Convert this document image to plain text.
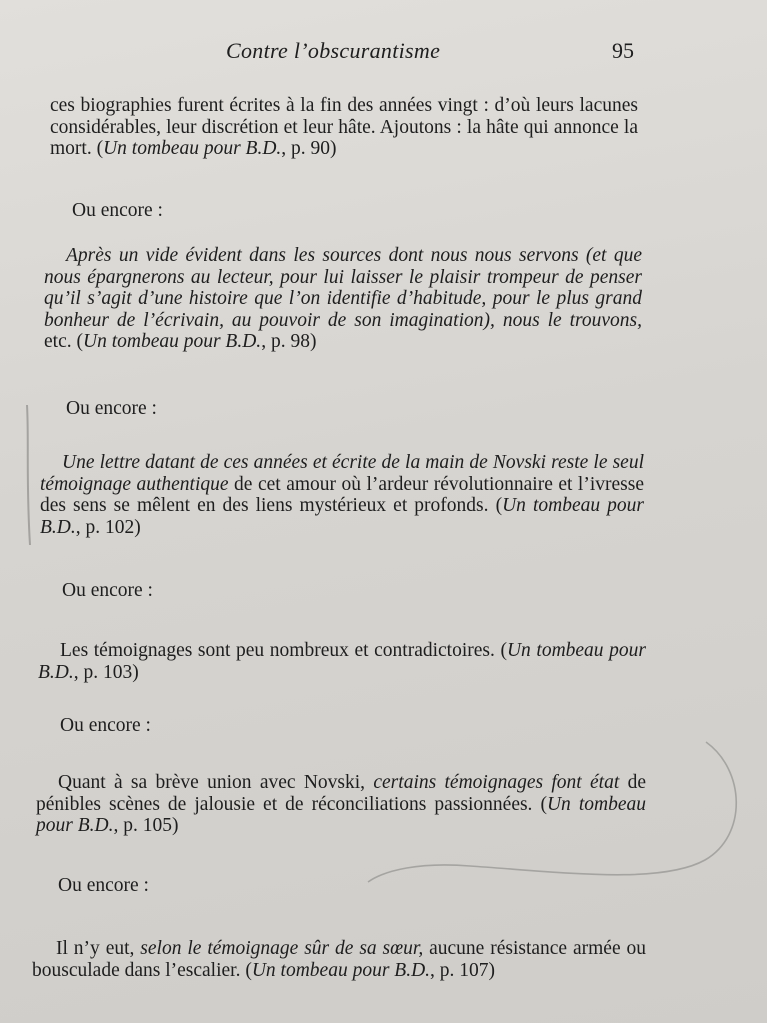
Contre l’obscurantisme	95

ces biographies furent écrites à la fin des années vingt : d’où leurs lacunes considérables, leur discrétion et leur hâte. Ajoutons : la hâte qui annonce la mort. (Un tombeau pour B.D., p. 90)

Ou encore :

Après un vide évident dans les sources dont nous nous servons (et que nous épargnerons au lecteur, pour lui laisser le plaisir trompeur de penser qu’il s’agit d’une histoire que l’on identifie d’habitude, pour le plus grand bonheur de l’écrivain, au pouvoir de son imagination), nous le trouvons, etc. (Un tombeau pour B.D., p. 98)

Ou encore :

Une lettre datant de ces années et écrite de la main de Novski reste le seul témoignage authentique de cet amour où l’ardeur révolutionnaire et l’ivresse des sens se mêlent en des liens mystérieux et profonds. (Un tombeau pour B.D., p. 102)

Ou encore :

Les témoignages sont peu nombreux et contradictoires. (Un tombeau pour B.D., p. 103)

Ou encore :

Quant à sa brève union avec Novski, certains témoignages font état de pénibles scènes de jalousie et de réconciliations passionnées. (Un tombeau pour B.D., p. 105)

Ou encore :

Il n’y eut, selon le témoignage sûr de sa sœur, aucune résistance armée ou bousculade dans l’escalier. (Un tombeau pour B.D., p. 107)
